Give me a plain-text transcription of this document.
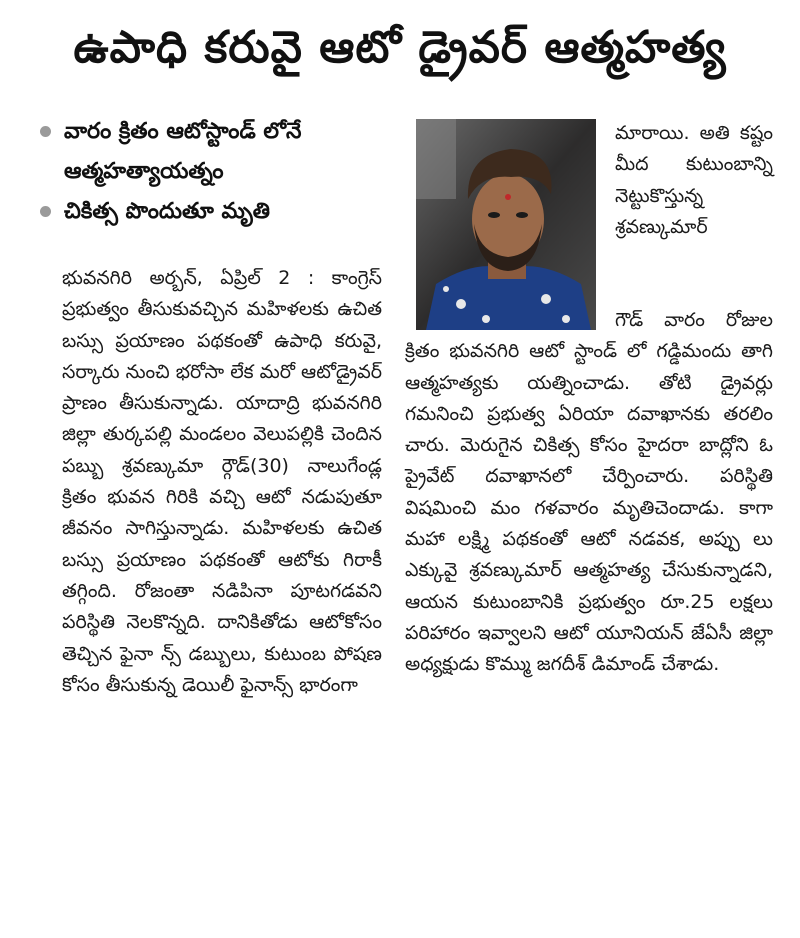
ఉపాధి కరువై ఆటో డ్రైవర్ ఆత్మహత్య
వారం క్రితం ఆటోస్టాండ్ లోనే ఆత్మహత్యాయత్నం
చికిత్స పొందుతూ మృతి
భువనగిరి అర్బన్, ఏప్రిల్ 2 : కాంగ్రెస్ ప్రభుత్వం తీసుకువచ్చిన మహిళలకు ఉచిత బస్సు ప్రయాణం పథకంతో ఉపాధి కరువై, సర్కారు నుంచి భరోసా లేక మరో ఆటోడ్రైవర్ ప్రాణం తీసుకున్నాడు. యాదాద్రి భువనగిరి జిల్లా తుర్కపల్లి మండలం వెలుపల్లికి చెందిన పబ్బు శ్రవణ్కుమా ర్గౌడ్(30) నాలుగేండ్ల క్రితం భువన గిరికి వచ్చి ఆటో నడుపుతూ జీవనం సాగిస్తున్నాడు. మహిళలకు ఉచిత బస్సు ప్రయాణం పథకంతో ఆటోకు గిరాకీ తగ్గింది. రోజంతా నడిపినా పూటగడవని పరిస్థితి నెలకొన్నది. దానికితోడు ఆటోకోసం తెచ్చిన ఫైనా న్స్ డబ్బులు, కుటుంబ పోషణ కోసం తీసుకున్న డెయిలీ ఫైనాన్స్ భారంగా
మారాయి. అతి కష్టం మీద కుటుంబాన్ని నెట్టుకొస్తున్న శ్రవణ్కుమార్
గౌడ్ వారం రోజుల క్రితం భువనగిరి ఆటో స్టాండ్ లో గడ్డిమందు తాగి ఆత్మహత్యకు యత్నించాడు. తోటి డ్రైవర్లు గమనించి ప్రభుత్వ ఏరియా దవాఖానకు తరలిం చారు. మెరుగైన చికిత్స కోసం హైదరా బాద్లోని ఓ ప్రైవేట్ దవాఖానలో చేర్పించారు. పరిస్థితి విషమించి మం గళవారం మృతిచెందాడు. కాగా మహా లక్ష్మి పథకంతో ఆటో నడవక, అప్పు లు ఎక్కువై శ్రవణ్కుమార్ ఆత్మహత్య చేసుకున్నాడని, ఆయన కుటుంబానికి ప్రభుత్వం రూ.25 లక్షలు పరిహారం ఇవ్వాలని ఆటో యూనియన్ జేఏసీ జిల్లా అధ్యక్షుడు కొమ్ము జగదీశ్ డిమాండ్ చేశాడు.
